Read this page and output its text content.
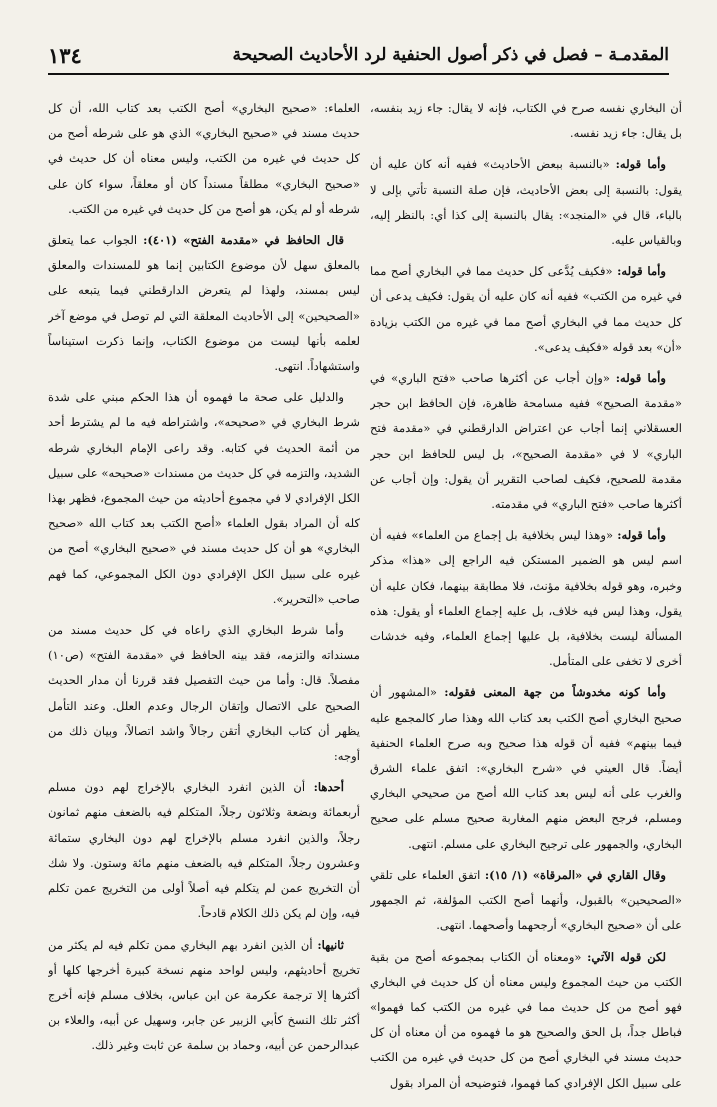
المقدمـة – فصل في ذكر أصول الحنفية لرد الأحاديث الصحيحة
١٣٤

أن البخاري نفسه صرح في الكتاب، فإنه لا يقال: جاء زيد بنفسه، بل يقال: جاء زيد نفسه.

وأما قوله: «بالنسبة ببعض الأحاديث» ففيه أنه كان عليه أن يقول: بالنسبة إلى بعض الأحاديث، فإن صلة النسبة تأتي بإلى لا بالباء، قال في «المنجد»: يقال بالنسبة إلى كذا أي: بالنظر إليه، وبالقياس عليه.

وأما قوله: «فكيف يُدَّعى كل حديث مما في البخاري أصح مما في غيره من الكتب» ففيه أنه كان عليه أن يقول: فكيف يدعى أن كل حديث مما في البخاري أصح مما في غيره من الكتب بزيادة «أن» بعد قوله «فكيف يدعى».

وأما قوله: «وإن أجاب عن أكثرها صاحب «فتح الباري» في «مقدمة الصحيح» ففيه مسامحة ظاهرة، فإن الحافظ ابن حجر العسقلاني إنما أجاب عن اعتراض الدارقطني في «مقدمة فتح الباري» لا في «مقدمة الصحيح»، بل ليس للحافظ ابن حجر مقدمة للصحيح، فكيف لصاحب التقرير أن يقول: وإن أجاب عن أكثرها صاحب «فتح الباري» في مقدمته.

وأما قوله: «وهذا ليس بخلافية بل إجماع من العلماء» ففيه أن اسم ليس هو الضمير المستكن فيه الراجع إلى «هذا» مذكر وخبره، وهو قوله بخلافية مؤنث، فلا مطابقة بينهما، فكان عليه أن يقول، وهذا ليس فيه خلاف، بل عليه إجماع العلماء أو يقول: هذه المسألة ليست بخلافية، بل عليها إجماع العلماء، وفيه خدشات أخرى لا تخفى على المتأمل.

وأما كونه مخدوشاً من جهة المعنى فقوله: «المشهور أن صحيح البخاري أصح الكتب بعد كتاب الله وهذا صار كالمجمع عليه فيما بينهم» ففيه أن قوله هذا صحيح وبه صرح العلماء الحنفية أيضاً. قال العيني في «شرح البخاري»: اتفق علماء الشرق والغرب على أنه ليس بعد كتاب الله أصح من صحيحي البخاري ومسلم، فرجح البعض منهم المغاربة صحيح مسلم على صحيح البخاري، والجمهور على ترجيح البخاري على مسلم. انتهى.

وقال القاري في «المرقاة» (١/ ١٥): اتفق العلماء على تلقي «الصحيحين» بالقبول، وأنهما أصح الكتب المؤلفة، ثم الجمهور على أن «صحيح البخاري» أرجحهما وأصحهما. انتهى.

لكن قوله الآتي: «ومعناه أن الكتاب بمجموعه أصح من بقية الكتب من حيث المجموع وليس معناه أن كل حديث في البخاري فهو أصح من كل حديث مما في غيره من الكتب كما فهموا» فباطل جداً، بل الحق والصحيح هو ما فهموه من أن معناه أن كل حديث مسند في البخاري أصح من كل حديث في غيره من الكتب على سبيل الكل الإفرادي كما فهموا، فتوضيحه أن المراد بقول

العلماء: «صحيح البخاري» أصح الكتب بعد كتاب الله، أن كل حديث مسند في «صحيح البخاري» الذي هو على شرطه أصح من كل حديث في غيره من الكتب، وليس معناه أن كل حديث في «صحيح البخاري» مطلقاً مسنداً كان أو معلقاً، سواء كان على شرطه أو لم يكن، هو أصح من كل حديث في غيره من الكتب.

قال الحافظ في «مقدمة الفتح» (٤٠١): الجواب عما يتعلق بالمعلق سهل لأن موضوع الكتابين إنما هو للمسندات والمعلق ليس بمسند، ولهذا لم يتعرض الدارقطني فيما يتبعه على «الصحيحين» إلى الأحاديث المعلقة التي لم توصل في موضع آخر لعلمه بأنها ليست من موضوع الكتاب، وإنما ذكرت استيناساً واستشهاداً. انتهى.

والدليل على صحة ما فهموه أن هذا الحكم مبني على شدة شرط البخاري في «صحيحه»، واشتراطه فيه ما لم يشترط أحد من أئمة الحديث في كتابه. وقد راعى الإمام البخاري شرطه الشديد، والتزمه في كل حديث من مسندات «صحيحه» على سبيل الكل الإفرادي لا في مجموع أحاديثه من حيث المجموع، فظهر بهذا كله أن المراد بقول العلماء «أصح الكتب بعد كتاب الله «صحيح البخاري» هو أن كل حديث مسند في «صحيح البخاري» أصح من غيره على سبيل الكل الإفرادي دون الكل المجموعي، كما فهم صاحب «التحرير».

وأما شرط البخاري الذي راعاه في كل حديث مسند من مسنداته والتزمه، فقد بينه الحافظ في «مقدمة الفتح» (ص١٠) مفصلاً. قال: وأما من حيث التفصيل فقد قررنا أن مدار الحديث الصحيح على الاتصال وإتقان الرجال وعدم العلل. وعند التأمل يظهر أن كتاب البخاري أتقن رجالاً واشد اتصالاً، وبيان ذلك من أوجه:

أحدها: أن الذين انفرد البخاري بالإخراج لهم دون مسلم أربعمائة وبضعة وثلاثون رجلاً، المتكلم فيه بالضعف منهم ثمانون رجلاً، والذين انفرد مسلم بالإخراج لهم دون البخاري ستمائة وعشرون رجلاً، المتكلم فيه بالضعف منهم مائة وستون. ولا شك أن التخريج عمن لم يتكلم فيه أصلاً أولى من التخريج عمن تكلم فيه، وإن لم يكن ذلك الكلام قادحاً.

ثانيها: أن الذين انفرد بهم البخاري ممن تكلم فيه لم يكثر من تخريج أحاديثهم، وليس لواحد منهم نسخة كبيرة أخرجها كلها أو أكثرها إلا ترجمة عكرمة عن ابن عباس، بخلاف مسلم فإنه أخرج أكثر تلك النسخ كأبي الزبير عن جابر، وسهيل عن أبيه، والعلاء بن عبدالرحمن عن أبيه، وحماد بن سلمة عن ثابت وغير ذلك.
